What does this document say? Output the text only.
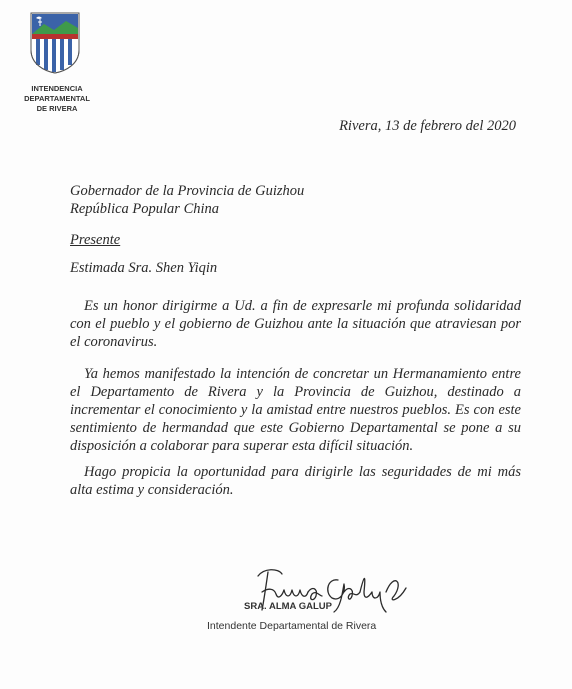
INTENDENCIA
DEPARTAMENTAL
DE RIVERA
Rivera, 13 de febrero del 2020
Gobernador de la Provincia de Guizhou
República Popular China
Presente
Estimada Sra. Shen Yiqin

Es un honor dirigirme a Ud. a fin de expresarle mi profunda solidaridad con el pueblo y el gobierno de Guizhou ante la situación que atraviesan por el coronavirus.

Ya hemos manifestado la intención de concretar un Hermanamiento entre el Departamento de Rivera y la Provincia de Guizhou, destinado a incrementar el conocimiento y la amistad entre nuestros pueblos. Es con este sentimiento de hermandad que este Gobierno Departamental se pone a su disposición a colaborar para superar esta difícil situación.

Hago propicia la oportunidad para dirigirle las seguridades de mi más alta estima y consideración.

SRA. ALMA GALUP
Intendente Departamental de Rivera
